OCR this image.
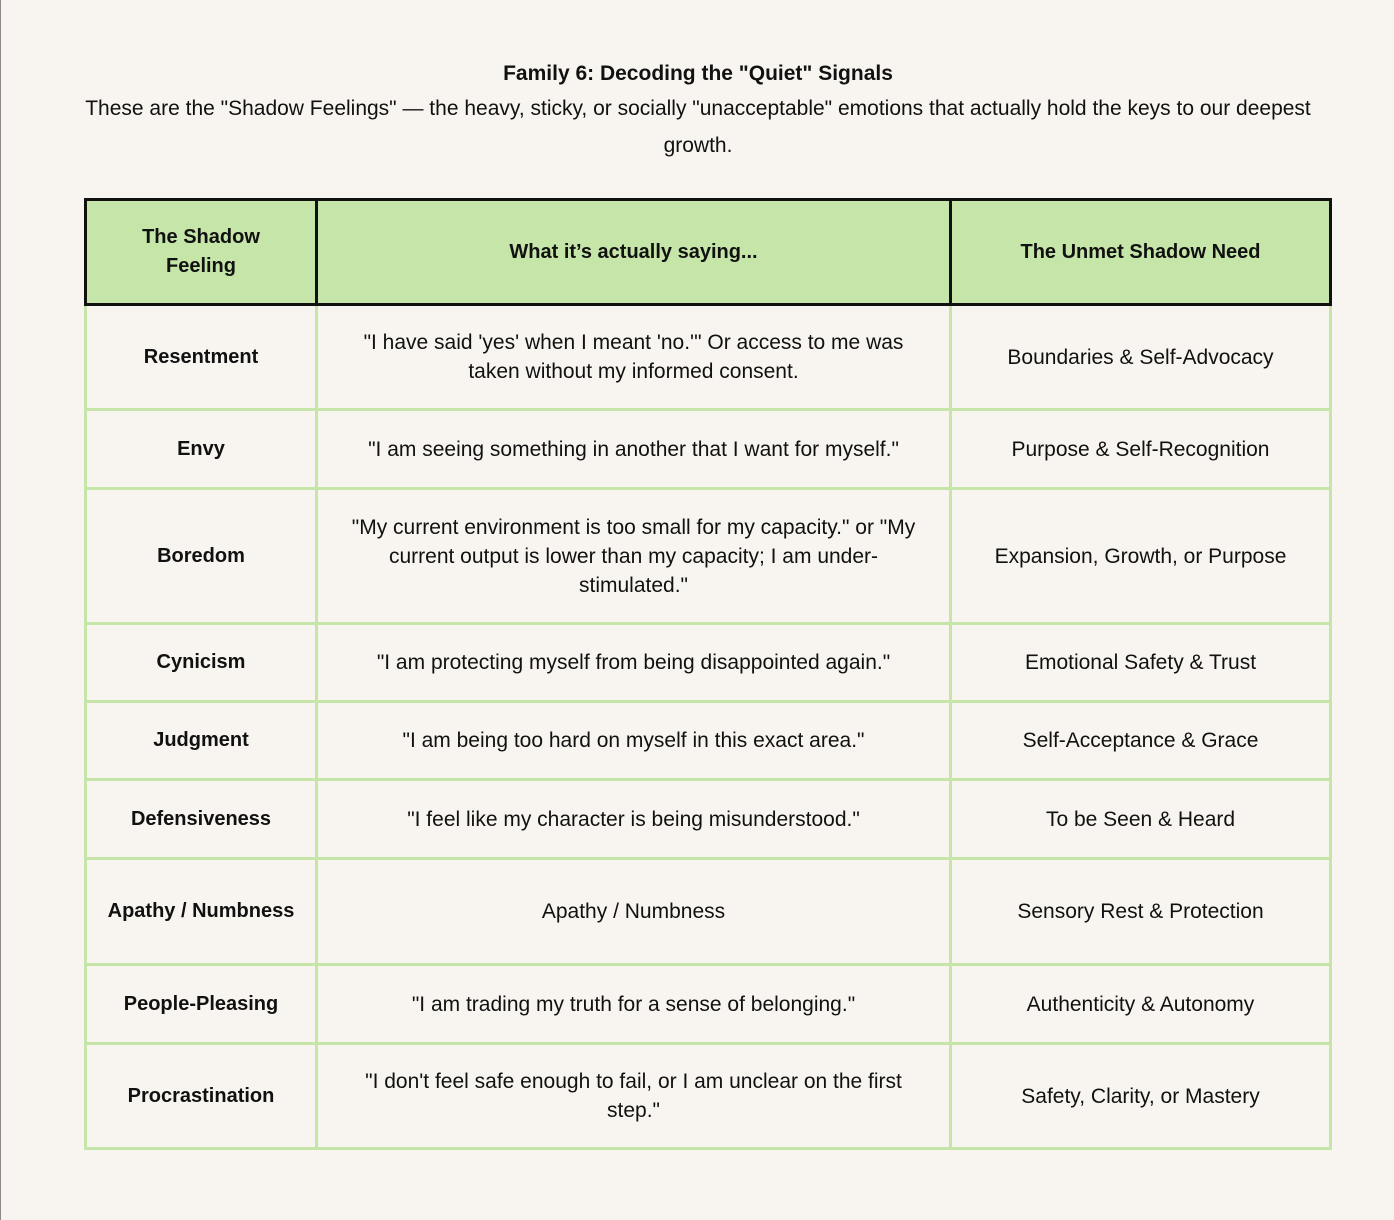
Family 6: Decoding the "Quiet" Signals

These are the "Shadow Feelings" — the heavy, sticky, or socially "unacceptable" emotions that actually hold the keys to our deepest growth.

The Shadow Feeling	What it’s actually saying...	The Unmet Shadow Need
Resentment	"I have said 'yes' when I meant 'no.'" Or access to me was taken without my informed consent.	Boundaries & Self-Advocacy
Envy	"I am seeing something in another that I want for myself."	Purpose & Self-Recognition
Boredom	"My current environment is too small for my capacity." or "My current output is lower than my capacity; I am under-stimulated."	Expansion, Growth, or Purpose
Cynicism	"I am protecting myself from being disappointed again."	Emotional Safety & Trust
Judgment	"I am being too hard on myself in this exact area."	Self-Acceptance & Grace
Defensiveness	"I feel like my character is being misunderstood."	To be Seen & Heard
Apathy / Numbness	Apathy / Numbness	Sensory Rest & Protection
People-Pleasing	"I am trading my truth for a sense of belonging."	Authenticity & Autonomy
Procrastination	"I don't feel safe enough to fail, or I am unclear on the first step."	Safety, Clarity, or Mastery
